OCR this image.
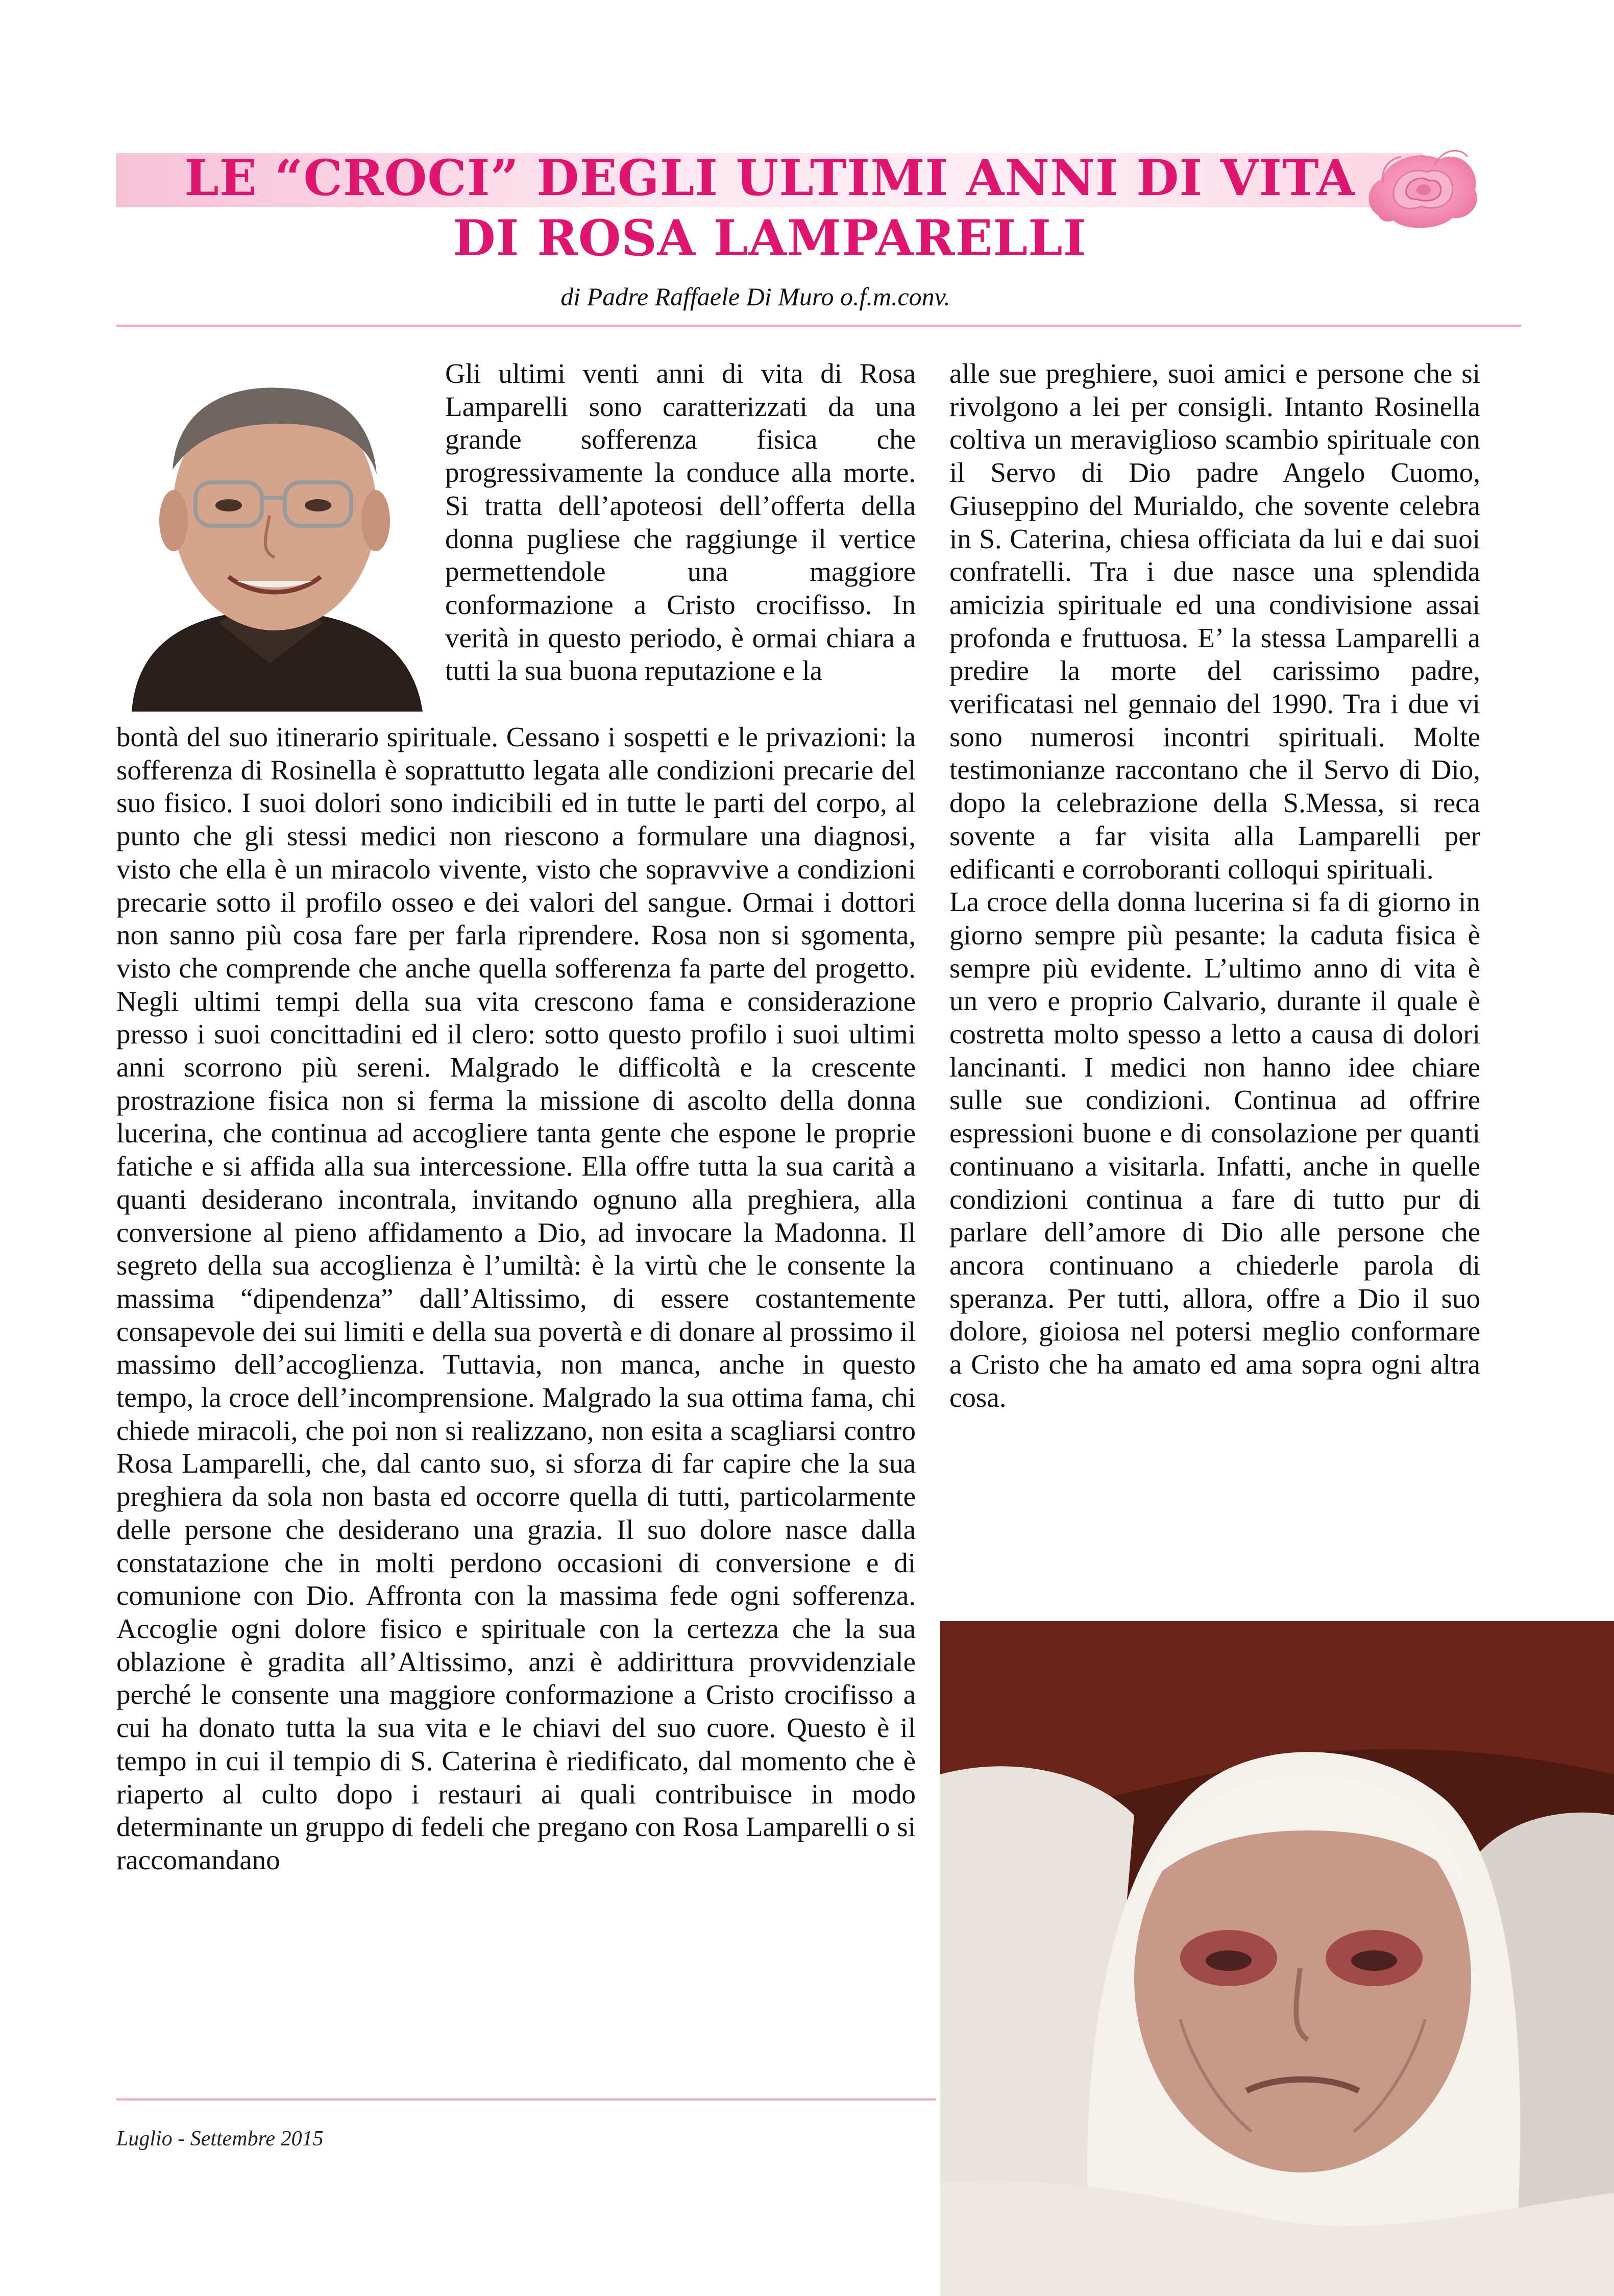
LE “CROCI” DEGLI ULTIMI ANNI DI VITA
DI ROSA LAMPARELLI
di Padre Raffaele Di Muro o.f.m.conv.

Gli ultimi venti anni di vita di Rosa Lamparelli sono caratterizzati da una grande sofferenza fisica che progressivamente la conduce alla morte. Si tratta dell’apoteosi dell’offerta della donna pugliese che raggiunge il vertice permettendole una maggiore conformazione a Cristo crocifisso. In verità in questo periodo, è ormai chiara a tutti la sua buona reputazione e la

bontà del suo itinerario spirituale. Cessano i sospetti e le privazioni: la sofferenza di Rosinella è soprattutto legata alle condizioni precarie del suo fisico. I suoi dolori sono indicibili ed in tutte le parti del corpo, al punto che gli stessi medici non riescono a formulare una diagnosi, visto che ella è un miracolo vivente, visto che sopravvive a condizioni precarie sotto il profilo osseo e dei valori del sangue. Ormai i dottori non sanno più cosa fare per farla riprendere. Rosa non si sgomenta, visto che comprende che anche quella sofferenza fa parte del progetto. Negli ultimi tempi della sua vita crescono fama e considerazione presso i suoi concittadini ed il clero: sotto questo profilo i suoi ultimi anni scorrono più sereni. Malgrado le difficoltà e la crescente prostrazione fisica non si ferma la missione di ascolto della donna lucerina, che continua ad accogliere tanta gente che espone le proprie fatiche e si affida alla sua intercessione. Ella offre tutta la sua carità a quanti desiderano incontrala, invitando ognuno alla preghiera, alla conversione al pieno affidamento a Dio, ad invocare la Madonna. Il segreto della sua accoglienza è l’umiltà: è la virtù che le consente la massima “dipendenza” dall’Altissimo, di essere costantemente consapevole dei sui limiti e della sua povertà e di donare al prossimo il massimo dell’accoglienza. Tuttavia, non manca, anche in questo tempo, la croce dell’incomprensione. Malgrado la sua ottima fama, chi chiede miracoli, che poi non si realizzano, non esita a scagliarsi contro Rosa Lamparelli, che, dal canto suo, si sforza di far capire che la sua preghiera da sola non basta ed occorre quella di tutti, particolarmente delle persone che desiderano una grazia. Il suo dolore nasce dalla constatazione che in molti perdono occasioni di conversione e di comunione con Dio. Affronta con la massima fede ogni sofferenza. Accoglie ogni dolore fisico e spirituale con la certezza che la sua oblazione è gradita all’Altissimo, anzi è addirittura provvidenziale perché le consente una maggiore conformazione a Cristo crocifisso a cui ha donato tutta la sua vita e le chiavi del suo cuore. Questo è il tempo in cui il tempio di S. Caterina è riedificato, dal momento che è riaperto al culto dopo i restauri ai quali contribuisce in modo determinante un gruppo di fedeli che pregano con Rosa Lamparelli o si raccomandano

alle sue preghiere, suoi amici e persone che si rivolgono a lei per consigli. Intanto Rosinella coltiva un meraviglioso scambio spirituale con il Servo di Dio padre Angelo Cuomo, Giuseppino del Murialdo, che sovente celebra in S. Caterina, chiesa officiata da lui e dai suoi confratelli. Tra i due nasce una splendida amicizia spirituale ed una condivisione assai profonda e fruttuosa. E’ la stessa Lamparelli a predire la morte del carissimo padre, verificatasi nel gennaio del 1990. Tra i due vi sono numerosi incontri spirituali. Molte testimonianze raccontano che il Servo di Dio, dopo la celebrazione della S.Messa, si reca sovente a far visita alla Lamparelli per edificanti e corroboranti colloqui spirituali.

La croce della donna lucerina si fa di giorno in giorno sempre più pesante: la caduta fisica è sempre più evidente. L’ultimo anno di vita è un vero e proprio Calvario, durante il quale è costretta molto spesso a letto a causa di dolori lancinanti. I medici non hanno idee chiare sulle sue condizioni. Continua ad offrire espressioni buone e di consolazione per quanti continuano a visitarla. Infatti, anche in quelle condizioni continua a fare di tutto pur di parlare dell’amore di Dio alle persone che ancora continuano a chiederle parola di speranza. Per tutti, allora, offre a Dio il suo dolore, gioiosa nel potersi meglio conformare a Cristo che ha amato ed ama sopra ogni altra cosa.

Luglio - Settembre 2015
